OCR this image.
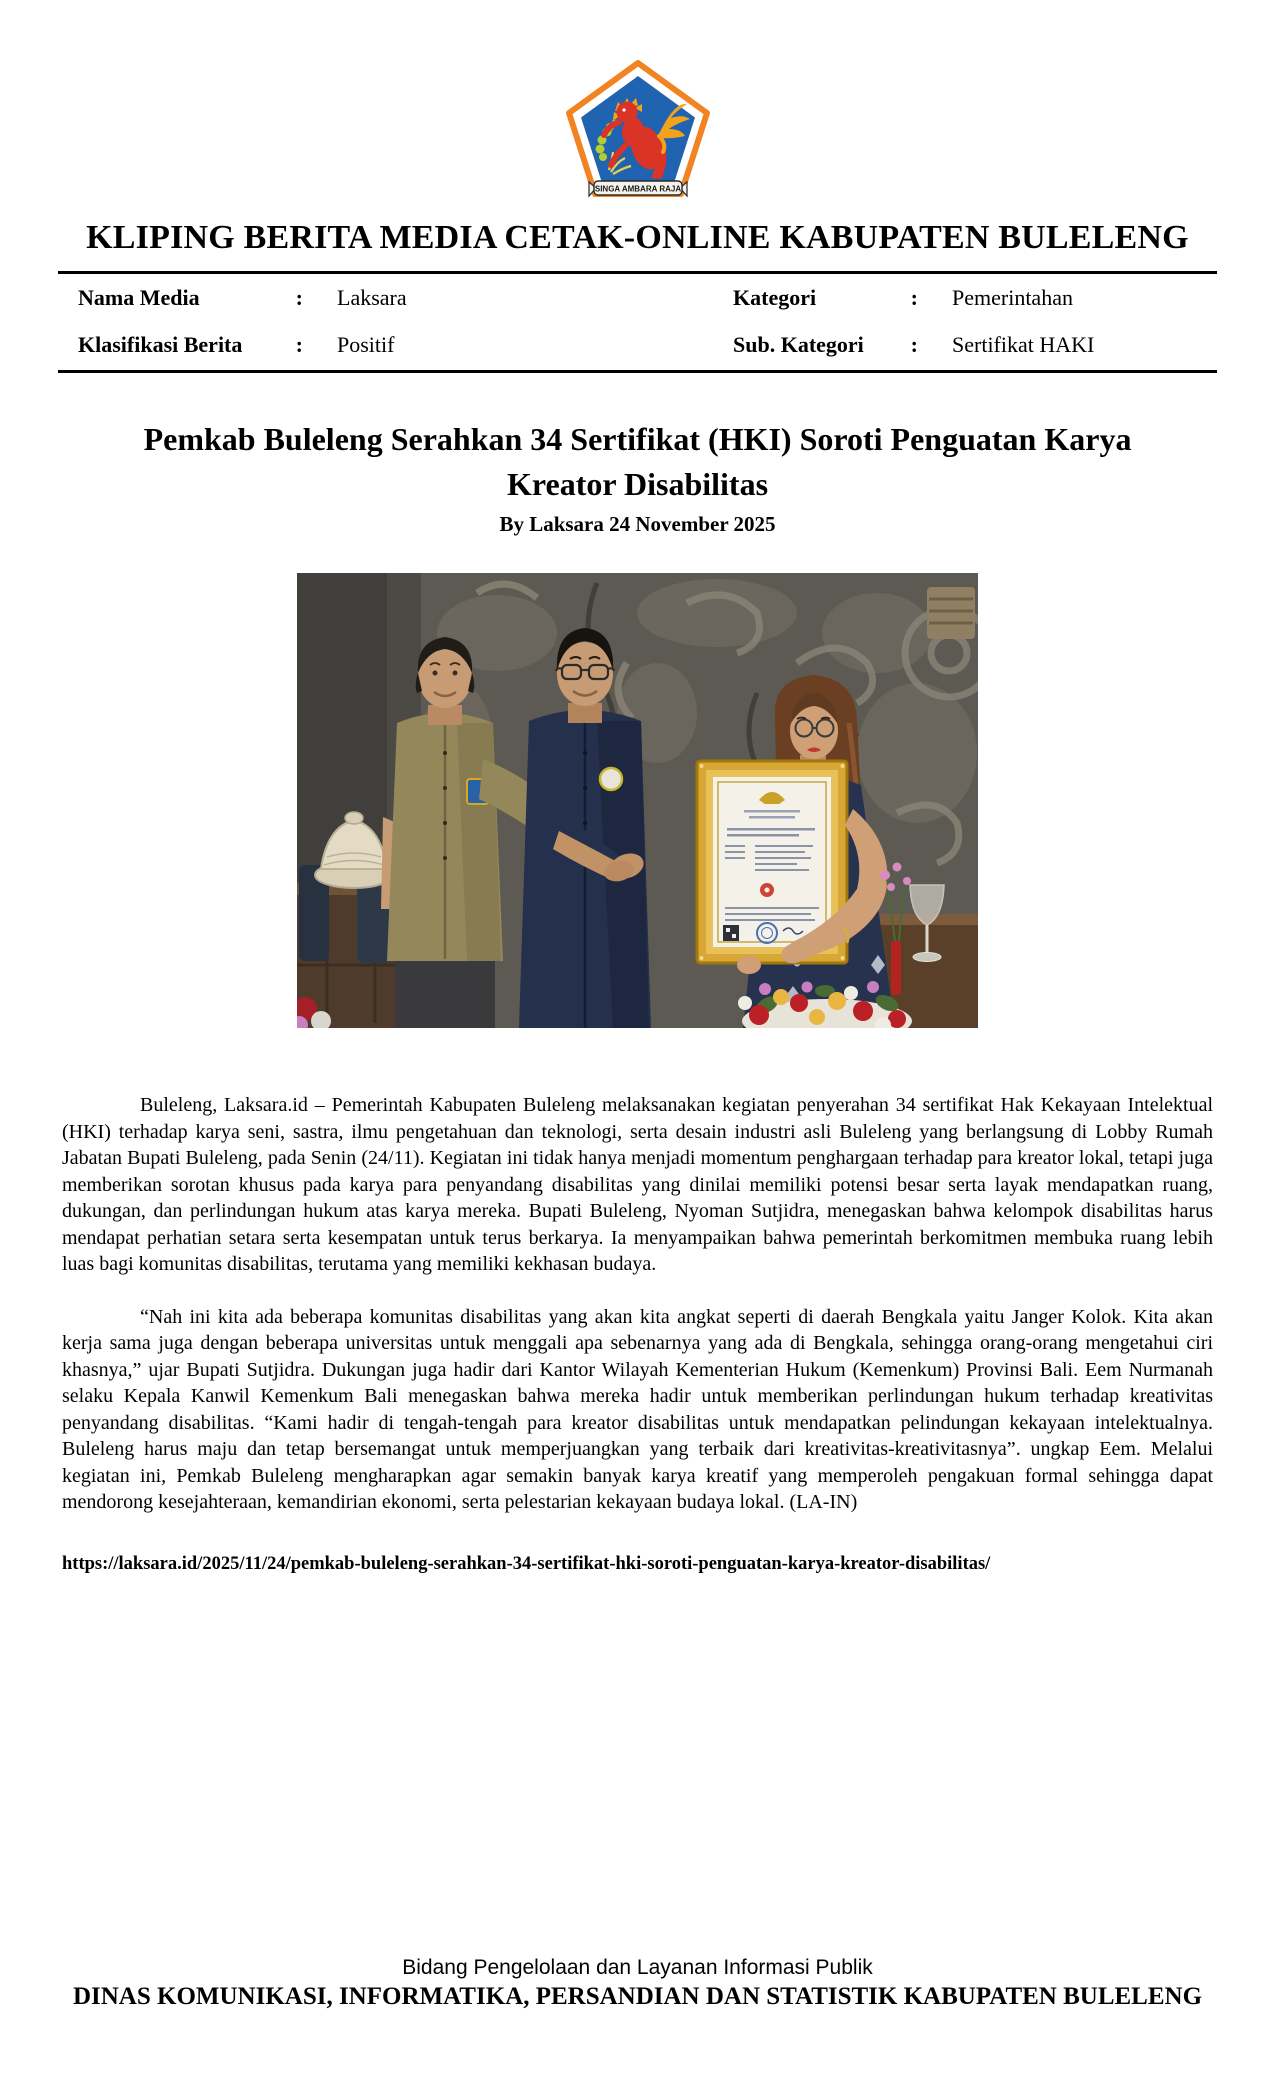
SINGA AMBARA RAJA
KLIPING BERITA MEDIA CETAK-ONLINE KABUPATEN BULELENG
Nama Media	: Laksara	Kategori	: Pemerintahan
Klasifikasi Berita : Positif	Sub. Kategori : Sertifikat HAKI
Pemkab Buleleng Serahkan 34 Sertifikat (HKI) Soroti Penguatan Karya Kreator Disabilitas
By Laksara 24 November 2025

Buleleng, Laksara.id – Pemerintah Kabupaten Buleleng melaksanakan kegiatan penyerahan 34 sertifikat Hak Kekayaan Intelektual (HKI) terhadap karya seni, sastra, ilmu pengetahuan dan teknologi, serta desain industri asli Buleleng yang berlangsung di Lobby Rumah Jabatan Bupati Buleleng, pada Senin (24/11). Kegiatan ini tidak hanya menjadi momentum penghargaan terhadap para kreator lokal, tetapi juga memberikan sorotan khusus pada karya para penyandang disabilitas yang dinilai memiliki potensi besar serta layak mendapatkan ruang, dukungan, dan perlindungan hukum atas karya mereka. Bupati Buleleng, Nyoman Sutjidra, menegaskan bahwa kelompok disabilitas harus mendapat perhatian setara serta kesempatan untuk terus berkarya. Ia menyampaikan bahwa pemerintah berkomitmen membuka ruang lebih luas bagi komunitas disabilitas, terutama yang memiliki kekhasan budaya.

“Nah ini kita ada beberapa komunitas disabilitas yang akan kita angkat seperti di daerah Bengkala yaitu Janger Kolok. Kita akan kerja sama juga dengan beberapa universitas untuk menggali apa sebenarnya yang ada di Bengkala, sehingga orang-orang mengetahui ciri khasnya,” ujar Bupati Sutjidra. Dukungan juga hadir dari Kantor Wilayah Kementerian Hukum (Kemenkum) Provinsi Bali. Eem Nurmanah selaku Kepala Kanwil Kemenkum Bali menegaskan bahwa mereka hadir untuk memberikan perlindungan hukum terhadap kreativitas penyandang disabilitas. “Kami hadir di tengah-tengah para kreator disabilitas untuk mendapatkan pelindungan kekayaan intelektualnya. Buleleng harus maju dan tetap bersemangat untuk memperjuangkan yang terbaik dari kreativitas-kreativitasnya”. ungkap Eem. Melalui kegiatan ini, Pemkab Buleleng mengharapkan agar semakin banyak karya kreatif yang memperoleh pengakuan formal sehingga dapat mendorong kesejahteraan, kemandirian ekonomi, serta pelestarian kekayaan budaya lokal. (LA-IN)

https://laksara.id/2025/11/24/pemkab-buleleng-serahkan-34-sertifikat-hki-soroti-penguatan-karya-kreator-disabilitas/
Bidang Pengelolaan dan Layanan Informasi Publik
DINAS KOMUNIKASI, INFORMATIKA, PERSANDIAN DAN STATISTIK KABUPATEN BULELENG
